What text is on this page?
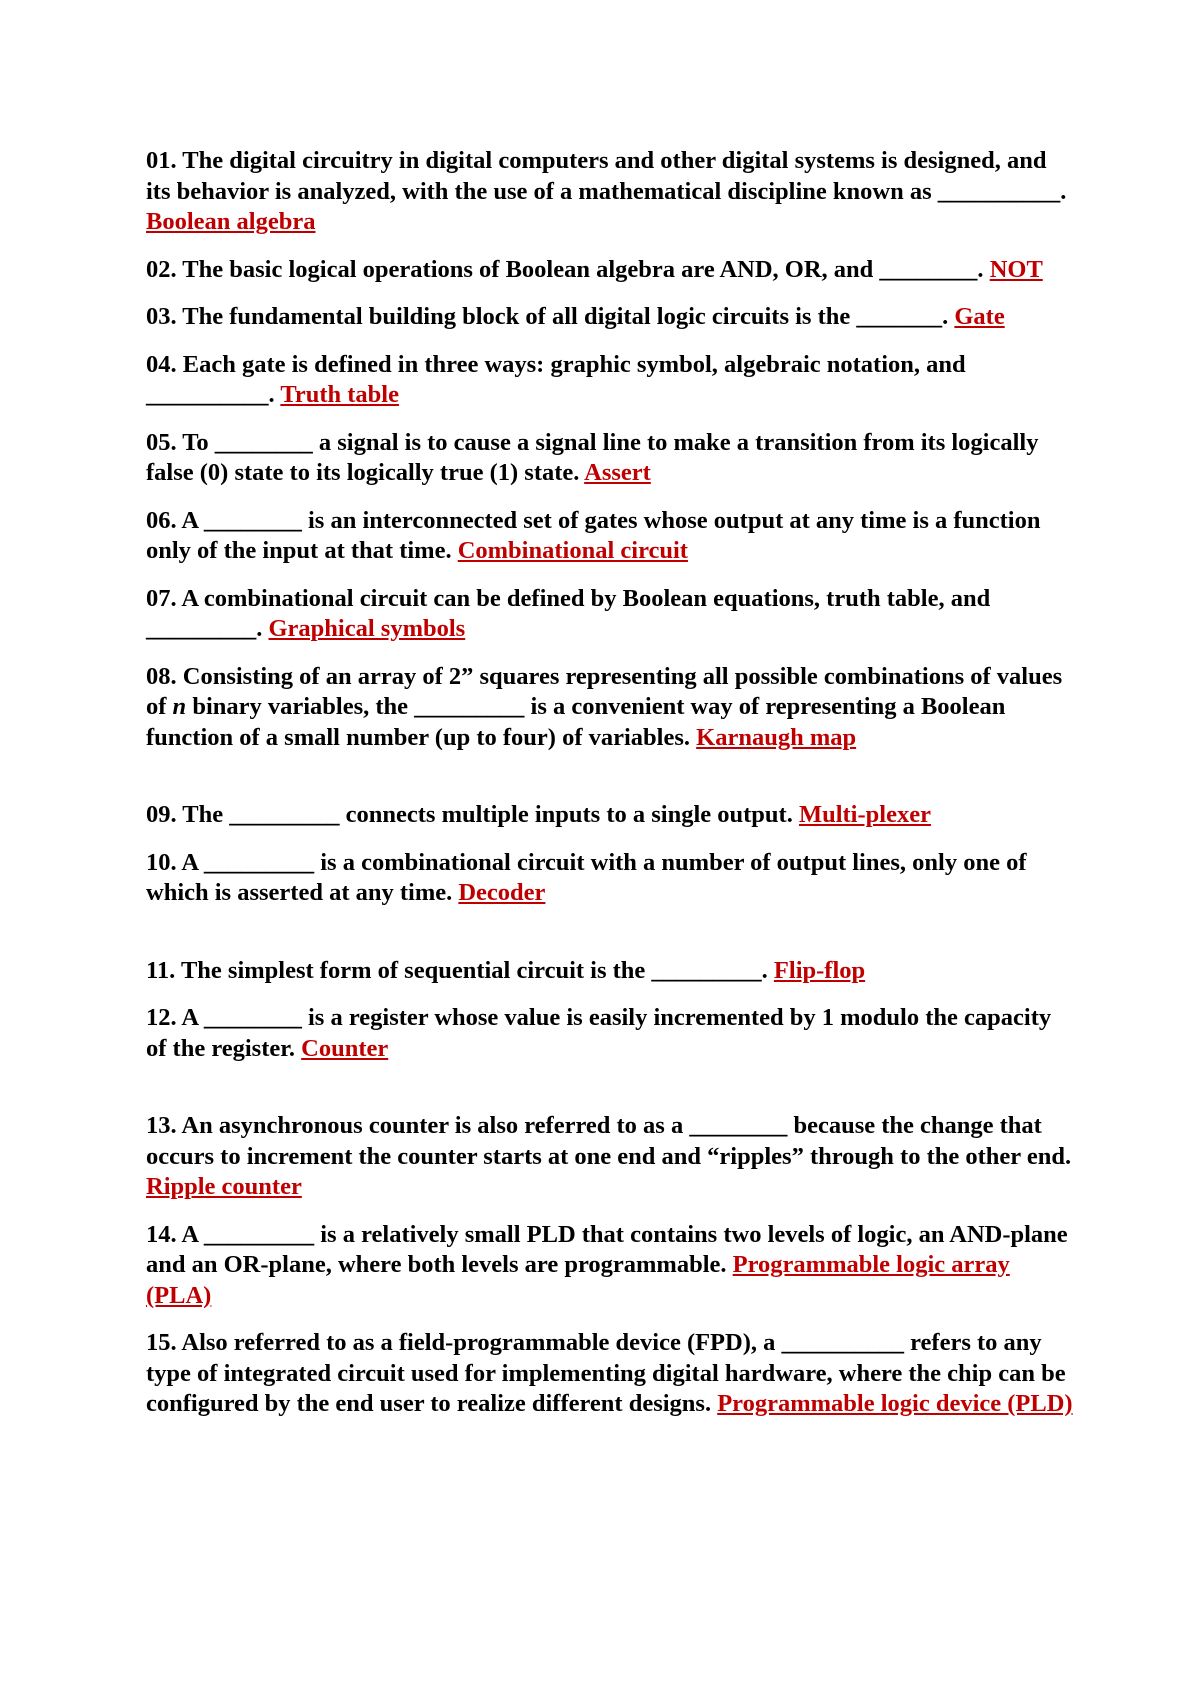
01. The digital circuitry in digital computers and other digital systems is designed, and its behavior is analyzed, with the use of a mathematical discipline known as __________. Boolean algebra

02. The basic logical operations of Boolean algebra are AND, OR, and ________. NOT

03. The fundamental building block of all digital logic circuits is the _______. Gate

04. Each gate is defined in three ways: graphic symbol, algebraic notation, and __________. Truth table

05. To ________ a signal is to cause a signal line to make a transition from its logically false (0) state to its logically true (1) state. Assert

06. A ________ is an interconnected set of gates whose output at any time is a function only of the input at that time. Combinational circuit

07. A combinational circuit can be defined by Boolean equations, truth table, and _________. Graphical symbols

08. Consisting of an array of 2” squares representing all possible combinations of values of n binary variables, the _________ is a convenient way of representing a Boolean function of a small number (up to four) of variables. Karnaugh map

09. The _________ connects multiple inputs to a single output. Multi-plexer

10. A _________ is a combinational circuit with a number of output lines, only one of which is asserted at any time. Decoder

11. The simplest form of sequential circuit is the _________. Flip-flop

12. A ________ is a register whose value is easily incremented by 1 modulo the capacity of the register. Counter

13. An asynchronous counter is also referred to as a ________ because the change that occurs to increment the counter starts at one end and “ripples” through to the other end. Ripple counter

14. A _________ is a relatively small PLD that contains two levels of logic, an AND-plane and an OR-plane, where both levels are programmable. Programmable logic array (PLA)

15. Also referred to as a field-programmable device (FPD), a __________ refers to any type of integrated circuit used for implementing digital hardware, where the chip can be configured by the end user to realize different designs. Programmable logic device (PLD)
